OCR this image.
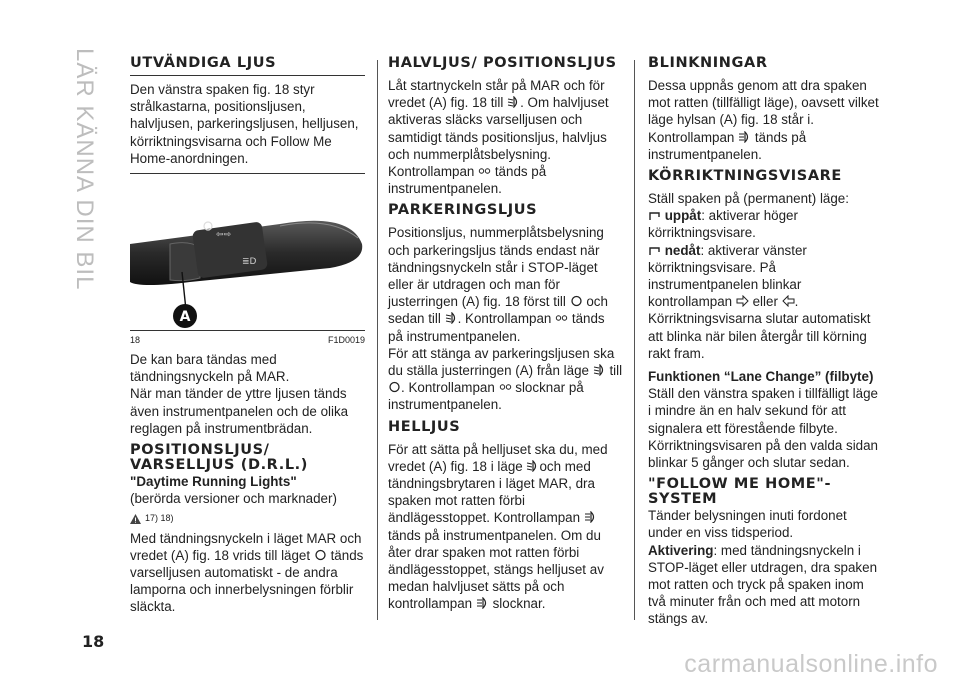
LÄR KÄNNA DIN BIL UTVÄNDIGA LJUS

Den vänstra spaken fig. 18 styr strålkastarna, positionsljusen, halvljusen, parkeringsljusen, helljusen, körriktningsvisarna och Follow Me Home-anordningen.

⇦⇨
≣D
A
18	F1D0019

De kan bara tändas med tändningsnyckeln på MAR.

När man tänder de yttre ljusen tänds även instrumentpanelen och de olika reglagen på instrumentbrädan.

POSITIONSLJUS/ VARSELLJUS (D.R.L.)
"Daytime Running Lights"

(berörda versioner och marknader)

17) 18)

Med tändningsnyckeln i läget MAR och vredet (A) fig. 18 vrids till läget tänds varselljusen automatiskt - de andra lamporna och innerbelysningen förblir släckta.

HALVLJUS/ POSITIONSLJUS

Låt startnyckeln står på MAR och för vredet (A) fig. 18 till . Om halvljuset aktiveras släcks varselljusen och samtidigt tänds positionsljus, halvljus och nummerplåtsbelysning.

Kontrollampan tänds på instrumentpanelen.

PARKERINGSLJUS

Positionsljus, nummerplåtsbelysning och parkeringsljus tänds endast när tändningsnyckeln står i STOP-läget eller är utdragen och man för justerringen (A) fig. 18 först till och sedan till . Kontrollampan tänds på instrumentpanelen.

För att stänga av parkeringsljusen ska du ställa justerringen (A) från läge till . Kontrollampan slocknar på instrumentpanelen.

HELLJUS

För att sätta på helljuset ska du, med vredet (A) fig. 18 i läge och med tändningsbrytaren i läget MAR, dra spaken mot ratten förbi ändlägesstoppet. Kontrollampan  tänds på instrumentpanelen. Om du åter drar spaken mot ratten förbi ändlägesstoppet, stängs helljuset av medan halvljuset sätts på och kontrollampan slocknar.

BLINKNINGAR

Dessa uppnås genom att dra spaken mot ratten (tillfälligt läge), oavsett vilket läge hylsan (A) fig. 18 står i. Kontrollampan tänds på instrumentpanelen.

KÖRRIKTNINGSVISARE

Ställ spaken på (permanent) läge:

uppåt: aktiverar höger körriktningsvisare.

nedåt: aktiverar vänster körriktningsvisare. På instrumentpanelen blinkar kontrollampan eller .

Körriktningsvisarna slutar automatiskt att blinka när bilen återgår till körning rakt fram.

Funktionen “Lane Change” (filbyte)

Ställ den vänstra spaken i tillfälligt läge i mindre än en halv sekund för att signalera ett förestående filbyte. Körriktningsvisaren på den valda sidan blinkar 5 gånger och slutar sedan.

"FOLLOW ME HOME"-SYSTEM

Tänder belysningen inuti fordonet under en viss tidsperiod.

Aktivering: med tändningsnyckeln i STOP-läget eller utdragen, dra spaken mot ratten och tryck på spaken inom två minuter från och med att motorn stängs av.

18
carmanualsonline.info
